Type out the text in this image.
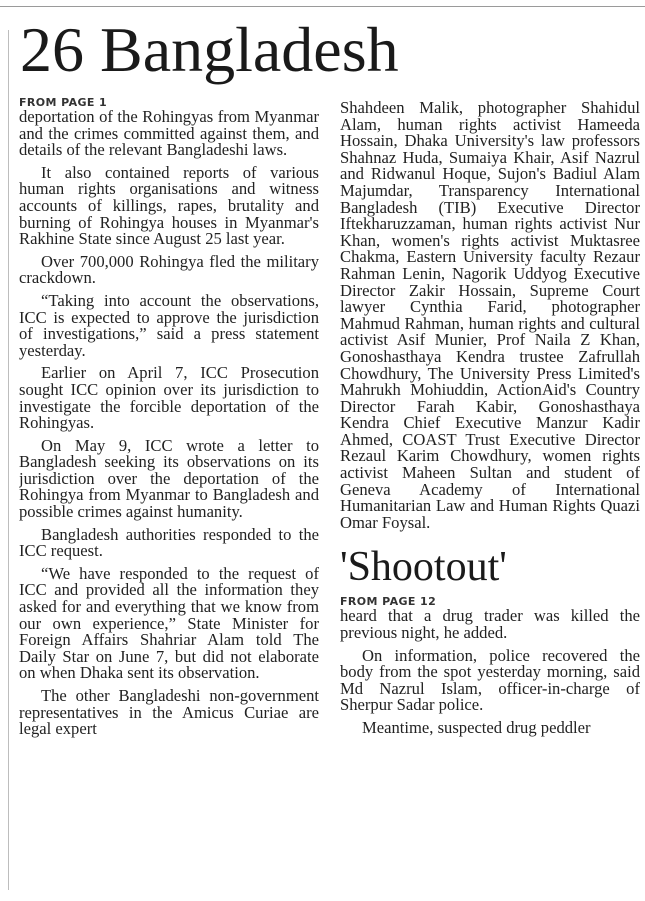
26 Bangladesh
FROM PAGE 1

deportation of the Rohingyas from Myanmar and the crimes committed against them, and details of the relevant Bangladeshi laws.

It also contained reports of various human rights organisations and witness accounts of killings, rapes, brutality and burning of Rohingya houses in Myanmar's Rakhine State since August 25 last year.

Over 700,000 Rohingya fled the military crackdown.

“Taking into account the observations, ICC is expected to approve the jurisdiction of investigations,” said a press statement yesterday.

Earlier on April 7, ICC Prosecution sought ICC opinion over its jurisdiction to investigate the forcible deportation of the Rohingyas.

On May 9, ICC wrote a letter to Bangladesh seeking its observations on its jurisdiction over the deportation of the Rohingya from Myanmar to Bangladesh and possible crimes against humanity.

Bangladesh authorities responded to the ICC request.

“We have responded to the request of ICC and provided all the information they asked for and everything that we know from our own experience,” State Minister for Foreign Affairs Shahriar Alam told The Daily Star on June 7, but did not elaborate on when Dhaka sent its observation.

The other Bangladeshi non-government representatives in the Amicus Curiae are legal expert

Shahdeen Malik, photographer Shahidul Alam, human rights activist Hameeda Hossain, Dhaka University's law professors Shahnaz Huda, Sumaiya Khair, Asif Nazrul and Ridwanul Hoque, Sujon's Badiul Alam Majumdar, Transparency International Bangladesh (TIB) Executive Director Iftekharuzzaman, human rights activist Nur Khan, women's rights activist Muktasree Chakma, Eastern University faculty Rezaur Rahman Lenin, Nagorik Uddyog Executive Director Zakir Hossain, Supreme Court lawyer Cynthia Farid, photographer Mahmud Rahman, human rights and cultural activist Asif Munier, Prof Naila Z Khan, Gonoshasthaya Kendra trustee Zafrullah Chowdhury, The University Press Limited's Mahrukh Mohiuddin, ActionAid's Country Director Farah Kabir, Gonoshasthaya Kendra Chief Executive Manzur Kadir Ahmed, COAST Trust Executive Director Rezaul Karim Chowdhury, women rights activist Maheen Sultan and student of Geneva Academy of International Humanitarian Law and Human Rights Quazi Omar Foysal.

'Shootout'
FROM PAGE 12

heard that a drug trader was killed the previous night, he added.

On information, police recovered the body from the spot yesterday morning, said Md Nazrul Islam, officer-in-charge of Sherpur Sadar police.

Meantime, suspected drug peddler
